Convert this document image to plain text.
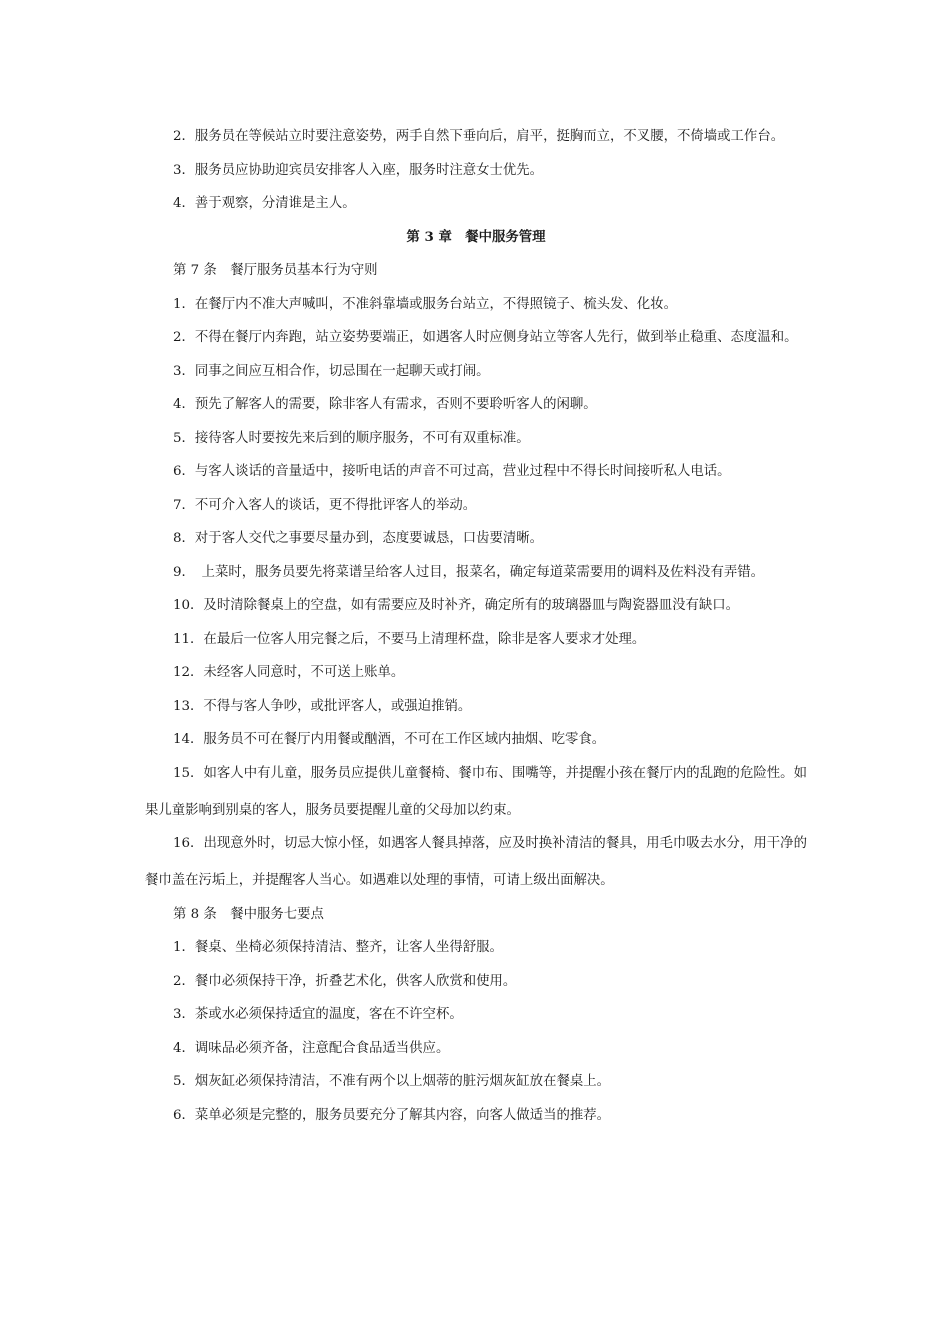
2．服务员在等候站立时要注意姿势，两手自然下垂向后，肩平，挺胸而立，不叉腰，不倚墙或工作台。

3．服务员应协助迎宾员安排客人入座，服务时注意女士优先。

4．善于观察，分清谁是主人。

第 3 章　餐中服务管理

第 7 条　餐厅服务员基本行为守则

1．在餐厅内不准大声喊叫，不准斜靠墙或服务台站立，不得照镜子、梳头发、化妆。

2．不得在餐厅内奔跑，站立姿势要端正，如遇客人时应侧身站立等客人先行，做到举止稳重、态度温和。

3．同事之间应互相合作，切忌围在一起聊天或打闹。

4．预先了解客人的需要，除非客人有需求，否则不要聆听客人的闲聊。

5．接待客人时要按先来后到的顺序服务，不可有双重标准。

6．与客人谈话的音量适中，接听电话的声音不可过高，营业过程中不得长时间接听私人电话。

7．不可介入客人的谈话，更不得批评客人的举动。

8．对于客人交代之事要尽量办到，态度要诚恳，口齿要清晰。

9．　上菜时，服务员要先将菜谱呈给客人过目，报菜名，确定每道菜需要用的调料及佐料没有弄错。

10．及时清除餐桌上的空盘，如有需要应及时补齐，确定所有的玻璃器皿与陶瓷器皿没有缺口。

11．在最后一位客人用完餐之后，不要马上清理杯盘，除非是客人要求才处理。

12．未经客人同意时，不可送上账单。

13．不得与客人争吵，或批评客人，或强迫推销。

14．服务员不可在餐厅内用餐或酗酒，不可在工作区域内抽烟、吃零食。

15．如客人中有儿童，服务员应提供儿童餐椅、餐巾布、围嘴等，并提醒小孩在餐厅内的乱跑的危险性。如果儿童影响到别桌的客人，服务员要提醒儿童的父母加以约束。

16．出现意外时，切忌大惊小怪，如遇客人餐具掉落，应及时换补清洁的餐具，用毛巾吸去水分，用干净的餐巾盖在污垢上，并提醒客人当心。如遇难以处理的事情，可请上级出面解决。

第 8 条　餐中服务七要点

1．餐桌、坐椅必须保持清洁、整齐，让客人坐得舒服。

2．餐巾必须保持干净，折叠艺术化，供客人欣赏和使用。

3．茶或水必须保持适宜的温度，客在不许空杯。

4．调味品必须齐备，注意配合食品适当供应。

5．烟灰缸必须保持清洁，不准有两个以上烟蒂的脏污烟灰缸放在餐桌上。

6．菜单必须是完整的，服务员要充分了解其内容，向客人做适当的推荐。
